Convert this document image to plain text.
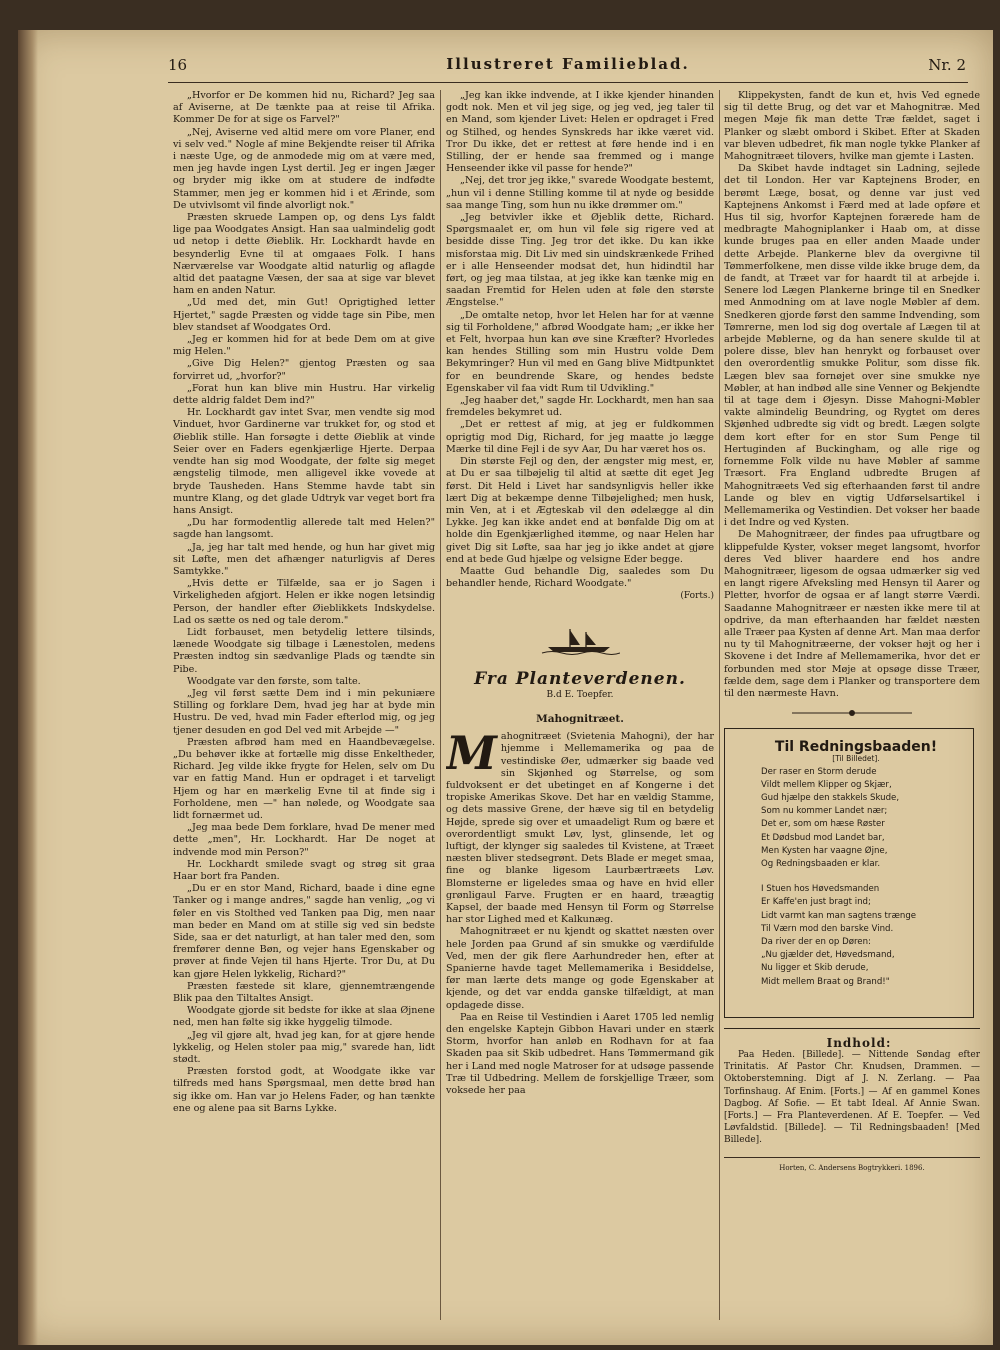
16	Illustreret Familieblad.	Nr. 2

„Hvorfor er De kommen hid nu, Richard? Jeg saa af Aviserne, at De tænkte paa at reise til Afrika. Kommer De for at sige os Farvel?"

„Nej, Aviserne ved altid mere om vore Planer, end vi selv ved." Nogle af mine Bekjendte reiser til Afrika i næste Uge, og de anmodede mig om at være med, men jeg havde ingen Lyst dertil. Jeg er ingen Jæger og bryder mig ikke om at studere de indfødte Stammer, men jeg er kommen hid i et Ærinde, som De utvivlsomt vil finde alvorligt nok."

Præsten skruede Lampen op, og dens Lys faldt lige paa Woodgates Ansigt. Han saa ualmindelig godt ud netop i dette Øieblik. Hr. Lockhardt havde en besynderlig Evne til at omgaaes Folk. I hans Nærværelse var Woodgate altid naturlig og aflagde altid det paatagne Væsen, der saa at sige var blevet ham en anden Natur.

„Ud med det, min Gut! Oprigtighed letter Hjertet," sagde Præsten og vidde tage sin Pibe, men blev standset af Woodgates Ord.

„Jeg er kommen hid for at bede Dem om at give mig Helen."

„Give Dig Helen?" gjentog Præsten og saa forvirret ud, „hvorfor?"

„Forat hun kan blive min Hustru. Har virkelig dette aldrig faldet Dem ind?"

Hr. Lockhardt gav intet Svar, men vendte sig mod Vinduet, hvor Gardinerne var trukket for, og stod et Øieblik stille. Han forsøgte i dette Øieblik at vinde Seier over en Faders egenkjærlige Hjerte. Derpaa vendte han sig mod Woodgate, der følte sig meget ængstelig tilmode, men alligevel ikke vovede at bryde Taushedеn. Hans Stemme havde tabt sin muntre Klang, og det glade Udtryk var veget bort fra hans Ansigt.

„Du har formodentlig allerede talt med Helen?" sagde han langsomt.

„Ja, jeg har talt med hende, og hun har givet mig sit Løfte, men det afhænger naturligvis af Deres Samtykke."

„Hvis dette er Tilfælde, saa er jo Sagen i Virkeligheden afgjort. Helen er ikke nogen letsindig Person, der handler efter Øieblikkets Indskydelse. Lad os sætte os ned og tale derom."

Lidt forbauset, men betydelig lettere tilsinds, lænede Woodgate sig tilbage i Lænestolen, medens Præsten indtog sin sædvanlige Plads og tændte sin Pibe.

Woodgate var den første, som talte.

„Jeg vil først sætte Dem ind i min pekuniære Stilling og forklare Dem, hvad jeg har at byde min Hustru. De ved, hvad min Fader efterlod mig, og jeg tjener desuden en god Del ved mit Arbejde —"

Præsten afbrød ham med en Haandbevægelse. „Du behøver ikke at fortælle mig disse Enkeltheder, Richard. Jeg vilde ikke frygte for Helen, selv om Du var en fattig Mand. Hun er opdraget i et tarveligt Hjem og har en mærkelig Evne til at finde sig i Forholdene, men —" han nølede, og Woodgate saa lidt fornærmet ud.

„Jeg maa bede Dem forklare, hvad De mener med dette „men", Hr. Lockhardt. Har De noget at indvende mod min Person?"

Hr. Lockhardt smilede svagt og strøg sit graa Haar bort fra Panden.

„Du er en stor Mand, Richard, baade i dine egne Tanker og i mange andres," sagde han venlig, „og vi føler en vis Stolthed ved Tanken paa Dig, men naar man beder en Mand om at stille sig ved sin bedste Side, saa er det naturligt, at han taler med den, som fremfører denne Bøn, og vejer hans Egenskaber og prøver at finde Vejen til hans Hjerte. Tror Du, at Du kan gjøre Helen lykkelig, Richard?"

Præsten fæstede sit klare, gjennemtrængende Blik paa den Tiltaltes Ansigt.

Woodgate gjorde sit bedste for ikke at slaa Øjnene ned, men han følte sig ikke hyggelig tilmode.

„Jeg vil gjøre alt, hvad jeg kan, for at gjøre hende lykkelig, og Helen stoler paa mig," svarede han, lidt stødt.

Præsten forstod godt, at Woodgate ikke var tilfreds med hans Spørgsmaal, men dette brød han sig ikke om. Han var jo Helens Fader, og han tænkte ene og alene paa sit Barns Lykke.

„Jeg kan ikke indvende, at I ikke kjender hinanden godt nok. Men et vil jeg sige, og jeg ved, jeg taler til en Mand, som kjender Livet: Helen er opdraget i Fred og Stilhed, og hendes Synskreds har ikke været vid. Tror Du ikke, det er rettest at føre hende ind i en Stilling, der er hende saa fremmed og i mange Henseender ikke vil passe for hende?"

„Nej, det tror jeg ikke," svarede Woodgate bestemt, „hun vil i denne Stilling komme til at nyde og besidde saa mange Ting, som hun nu ikke drømmer om."

„Jeg betvivler ikke et Øjeblik dette, Richard. Spørgsmaalet er, om hun vil føle sig rigere ved at besidde disse Ting. Jeg tror det ikke. Du kan ikke misforstaa mig. Dit Liv med sin uindskrænkede Frihed er i alle Henseender modsat det, hun hidindtil har ført, og jeg maa tilstaa, at jeg ikke kan tænke mig en saadan Fremtid for Helen uden at føle den største Ængstelse."

„De omtalte netop, hvor let Helen har for at vænne sig til Forholdene," afbrød Woodgate ham; „er ikke her et Felt, hvorpaa hun kan øve sine Kræfter? Hvorledes kan hendes Stilling som min Hustru volde Dem Bekymringer? Hun vil med en Gang blive Midtpunktet for en beundrende Skare, og hendes bedste Egenskaber vil faa vidt Rum til Udvikling."

„Jeg haaber det," sagde Hr. Lockhardt, men han saa fremdeles bekymret ud.

„Det er rettest af mig, at jeg er fuldkommen oprigtig mod Dig, Richard, for jeg maatte jo lægge Mærke til dine Fejl i de syv Aar, Du har været hos os.

Din største Fejl og den, der ængster mig mest, er, at Du er saa tilbøjelig til altid at sætte dit eget Jeg først. Dit Held i Livet har sandsynligvis heller ikke lært Dig at bekæmpe denne Tilbøjelighed; men husk, min Ven, at i et Ægteskab vil den ødelægge al din Lykke. Jeg kan ikke andet end at bønfalde Dig om at holde din Egenkjærlighed itømme, og naar Helen har givet Dig sit Løfte, saa har jeg jo ikke andet at gjøre end at bede Gud hjælpe og velsigne Eder begge.

Maatte Gud behandle Dig, saaledes som Du behandler hende, Richard Woodgate."

(Forts.)

Fra Planteverdenen.
B.d E. Toepfer.
Mahognitræet.

Mahognitræet (Svietenia Mahogni), der har hjemme i Mellemamerika og paa de vestindiske Øer, udmærker sig baade ved sin Skjønhed og Størrelse, og som fuldvoksent er det ubetinget en af Kongerne i det tropiske Amerikas Skove. Det har en vældig Stamme, og dets massive Grene, der hæve sig til en betydelig Højde, sprede sig over et umaadeligt Rum og bære et overordentligt smukt Løv, lyst, glinsende, let og luftigt, der klynger sig saaledes til Kvistene, at Træet næsten bliver stedsegrønt. Dets Blade er meget smaa, fine og blanke ligesom Laurbærtræets Løv. Blomsterne er ligeledes smaa og have en hvid eller grønligaul Farve. Frugten er en haard, træagtig Kapsel, der baade med Hensyn til Form og Størrelse har stor Lighed med et Kalkunæg.

Mahognitræet er nu kjendt og skattet næsten over hele Jorden paa Grund af sin smukke og værdifulde Ved, men der gik flere Aarhundreder hen, efter at Spanierne havde taget Mellemamerika i Besiddelse, før man lærte dets mange og gode Egenskaber at kjende, og det var endda ganske tilfældigt, at man opdagede disse.

Paa en Reise til Vestindien i Aaret 1705 led nemlig den engelske Kaptejn Gibbon Havari under en stærk Storm, hvorfor han anløb en Rodhavn for at faa Skaden paa sit Skib udbedret. Hans Tømmermand gik her i Land med nogle Matroser for at udsøge passende Træ til Udbedring. Mellem de forskjellige Træer, som voksede her paa

Klippekysten, fandt de kun et, hvis Ved egnede sig til dette Brug, og det var et Mahognitræ. Med megen Møje fik man dette Træ fældet, saget i Planker og slæbt ombord i Skibet. Efter at Skaden var bleven udbedret, fik man nogle tykke Planker af Mahognitræet tilovers, hvilke man gjemte i Lasten.

Da Skibet havde indtaget sin Ladning, sejlede det til London. Her var Kaptejnens Broder, en berømt Læge, bosat, og denne var just ved Kaptejnens Ankomst i Færd med at lade opføre et Hus til sig, hvorfor Kaptejnen forærede ham de medbragte Mahogniplanker i Haab om, at disse kunde bruges paa en eller anden Maade under dette Arbejde. Plankerne blev da overgivne til Tømmerfolkene, men disse vilde ikke bruge dem, da de fandt, at Træet var for haardt til at arbejde i. Senere lod Lægen Plankerne bringe til en Snedker med Anmodning om at lave nogle Møbler af dem. Snedkeren gjorde først den samme Indvending, som Tømrerne, men lod sig dog overtale af Lægen til at arbejde Møblerne, og da han senere skulde til at polere disse, blev han henrykt og forbauset over den overordentlig smukke Politur, som disse fik. Lægen blev saa fornøjet over sine smukke nye Møbler, at han indbød alle sine Venner og Bekjendte til at tage dem i Øjesyn. Disse Mahogni-Møbler vakte almindelig Beundring, og Rygtet om deres Skjønhed udbredte sig vidt og bredt. Lægen solgte dem kort efter for en stor Sum Penge til Hertuginden af Buckingham, og alle rige og fornemme Folk vilde nu have Møbler af samme Træsort. Fra England udbredte Brugen af Mahognitræets Ved sig efterhaanden først til andre Lande og blev en vigtig Udførselsartikel i Mellemamerika og Vestindien. Det vokser her baade i det Indre og ved Kysten.

De Mahognitræer, der findes paa ufrugtbare og klippefulde Kyster, vokser meget langsomt, hvorfor deres Ved bliver haardere end hos andre Mahognitræer, ligesom de ogsaa udmærker sig ved en langt rigere Afveksling med Hensyn til Aarer og Pletter, hvorfor de ogsaa er af langt større Værdi. Saadanne Mahognitræer er næsten ikke mere til at opdrive, da man efterhaanden har fældet næsten alle Træer paa Kysten af denne Art. Man maa derfor nu ty til Mahognitræerne, der vokser højt og her i Skovene i det Indre af Mellemamerika, hvor det er forbunden med stor Møje at opsøge disse Træer, fælde dem, sage dem i Planker og transportere dem til den nærmeste Havn.

Til Redningsbaaden!

[Til Billedet].

Der raser en Storm derude
Vildt mellem Klipper og Skjær,
Gud hjælpe den stakkels Skude,
Som nu kommer Landet nær;
Det er, som om hæse Røster
Et Dødsbud mod Landet bar,
Men Kysten har vaagne Øjne,
Og Redningsbaaden er klar.
I Stuen hos Høvedsmanden
Er Kaffe'en just bragt ind;
Lidt varmt kan man sagtens trænge
Til Værn mod den barske Vind.
Da river der en op Døren:
„Nu gjælder det, Høvedsmand,
Nu ligger et Skib derude,
Midt mellem Braat og Brand!"

Indhold:

Paa Heden. [Billede]. — Nittende Søndag efter Trinitatis. Af Pastor Chr. Knudsen, Drammen. — Oktoberstemning. Digt af J. N. Zerlang. — Paa Torfinshaug. Af Enim. [Forts.] — Af en gammel Kones Dagbog. Af Sofie. — Et tabt Ideal. Af Annie Swan. [Forts.] — Fra Planteverdenen. Af E. Toepfer. — Ved Løvfaldstid. [Billede]. — Til Redningsbaaden! [Med Billede].

Horten, C. Andersens Bogtrykkeri. 1896.
